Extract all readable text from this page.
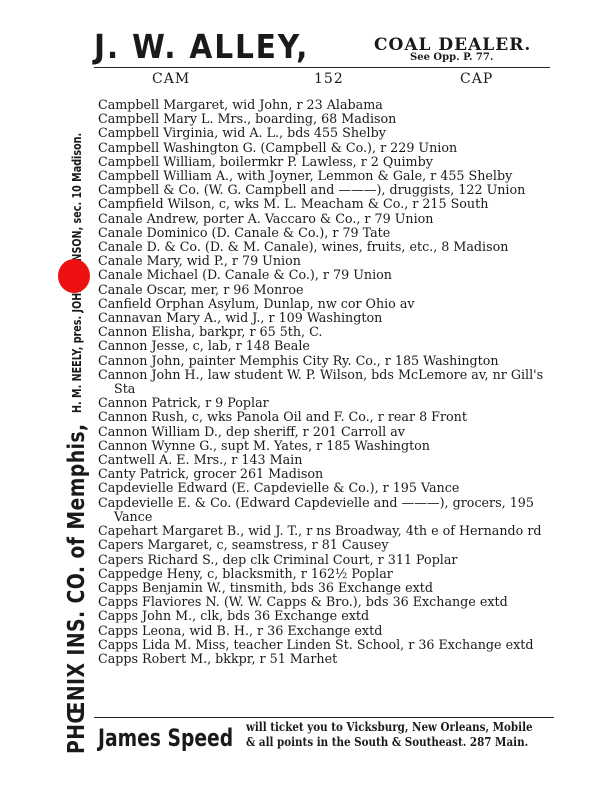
PHŒNIX INS. CO. of Memphis,
J. W. ALLEY,	COAL DEALER.
See Opp. P. 77.
CAM	152	CAP
Campbell Margaret, wid John, r 23 Alabama
Campbell Mary L. Mrs., boarding, 68 Madison
Campbell Virginia, wid A. L., bds 455 Shelby
Campbell Washington G. (Campbell & Co.), r 229 Union
Campbell William, boilermkr P. Lawless, r 2 Quimby
Campbell William A., with Joyner, Lemmon & Gale, r 455 Shelby
Campbell & Co. (W. G. Campbell and ———), druggists, 122 Union
Campfield Wilson, c, wks M. L. Meacham & Co., r 215 South
Canale Andrew, porter A. Vaccaro & Co., r 79 Union
Canale Dominico (D. Canale & Co.), r 79 Tate
Canale D. & Co. (D. & M. Canale), wines, fruits, etc., 8 Madison
Canale Mary, wid P., r 79 Union
Canale Michael (D. Canale & Co.), r 79 Union
Canale Oscar, mer, r 96 Monroe
Canfield Orphan Asylum, Dunlap, nw cor Ohio av
Cannavan Mary A., wid J., r 109 Washington
Cannon Elisha, barkpr, r 65 5th, C.
Cannon Jesse, c, lab, r 148 Beale
Cannon John, painter Memphis City Ry. Co., r 185 Washington
Cannon John H., law student W. P. Wilson, bds McLemore av, nr Gill's Sta
Cannon Patrick, r 9 Poplar
Cannon Rush, c, wks Panola Oil and F. Co., r rear 8 Front
Cannon William D., dep sheriff, r 201 Carroll av
Cannon Wynne G., supt M. Yates, r 185 Washington
Cantwell A. E. Mrs., r 143 Main
Canty Patrick, grocer 261 Madison
Capdevielle Edward (E. Capdevielle & Co.), r 195 Vance
Capdevielle E. & Co. (Edward Capdevielle and ———), grocers, 195 Vance
Capehart Margaret B., wid J. T., r ns Broadway, 4th e of Hernando rd
Capers Margaret, c, seamstress, r 81 Causey
Capers Richard S., dep clk Criminal Court, r 311 Poplar
Cappedge Heny, c, blacksmith, r 162½ Poplar
Capps Benjamin W., tinsmith, bds 36 Exchange extd
Capps Flaviores N. (W. W. Capps & Bro.), bds 36 Exchange extd
Capps John M., clk, bds 36 Exchange extd
Capps Leona, wid B. H., r 36 Exchange extd
Capps Lida M. Miss, teacher Linden St. School, r 36 Exchange extd
Capps Robert M., bkkpr, r 51 Marhet
James Speed will ticket you to Vicksburg, New Orleans, Mobile
& all points in the South & Southeast. 287 Main.
